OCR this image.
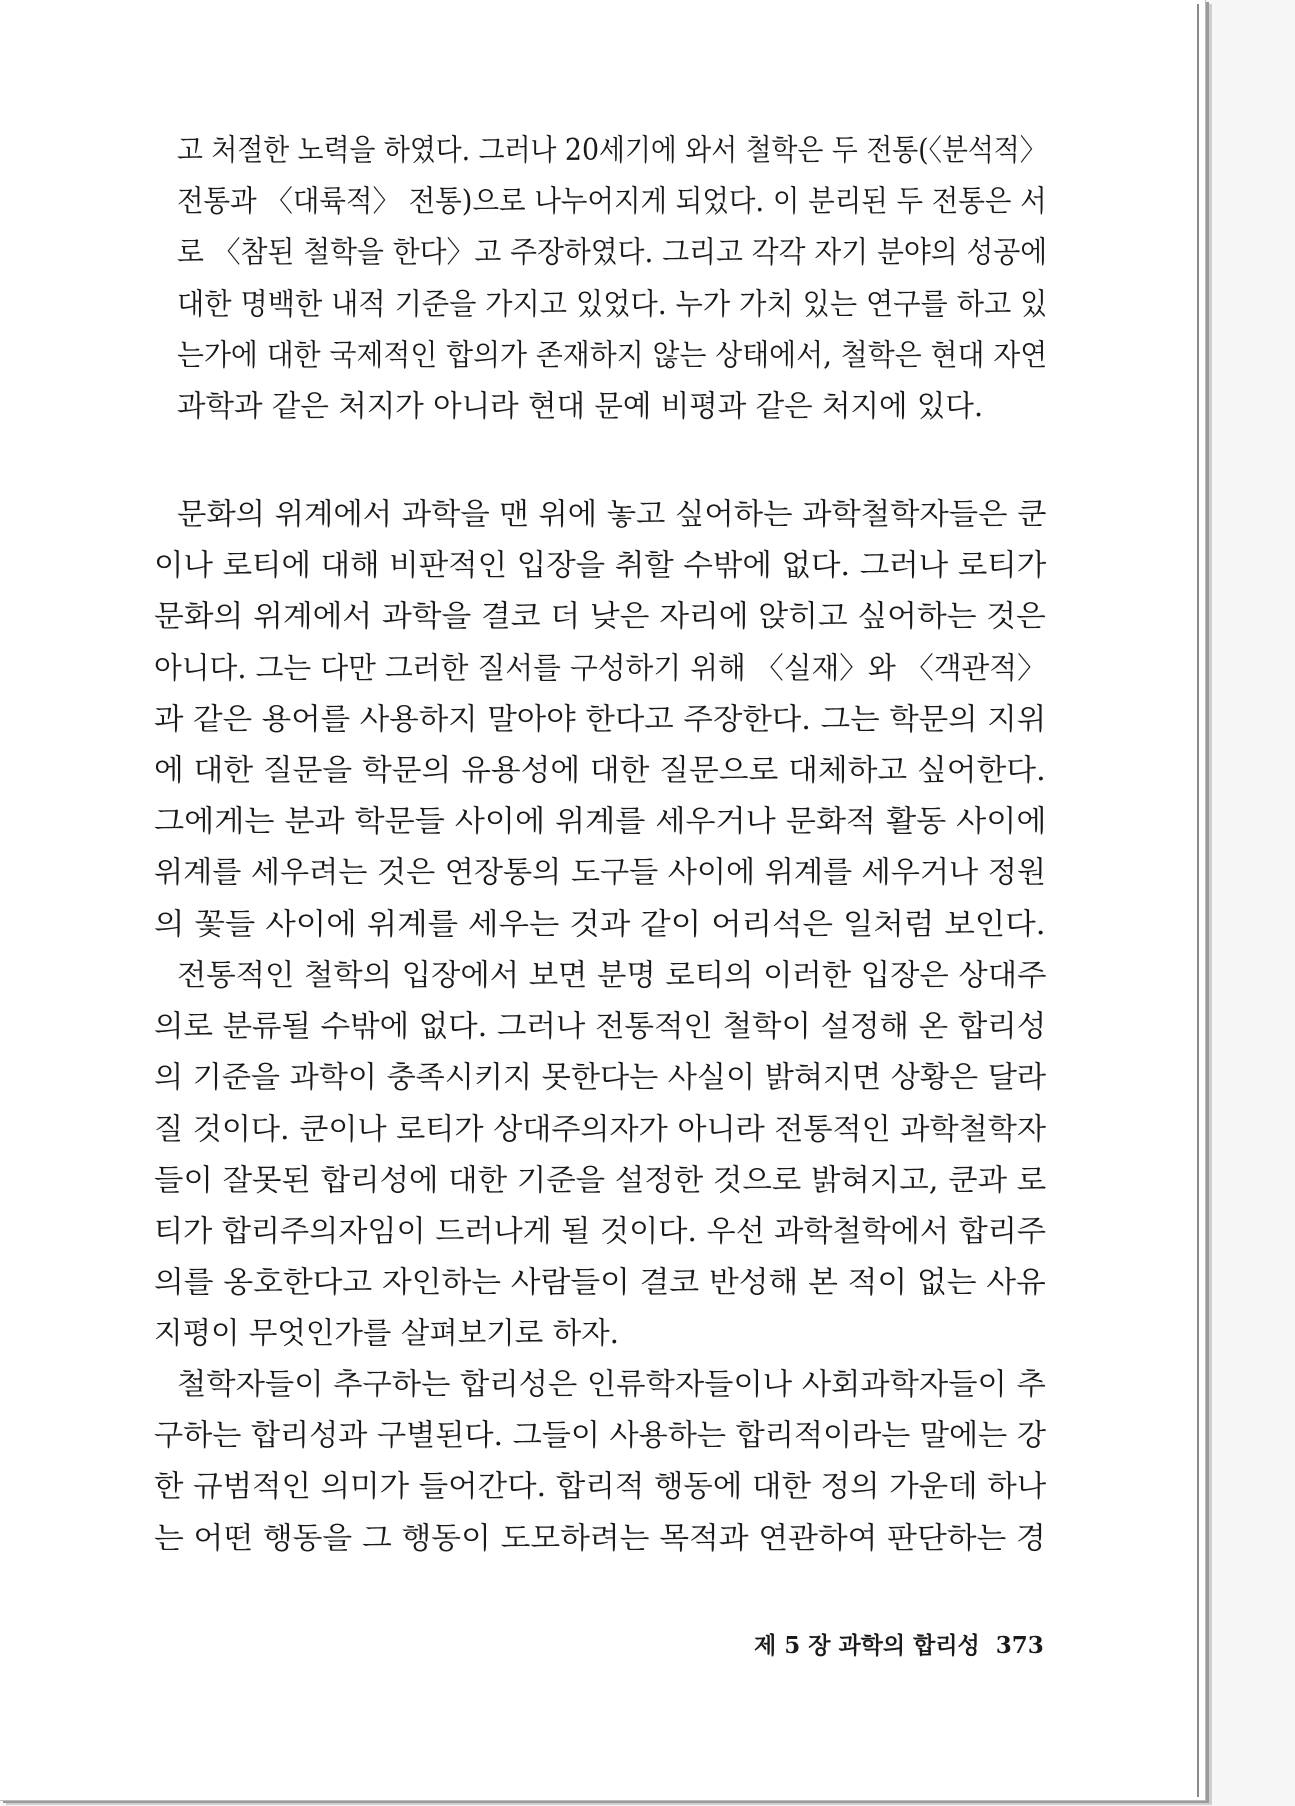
고 처절한 노력을 하였다. 그러나 20세기에 와서 철학은 두 전통(〈분석적〉
전통과 〈대륙적〉 전통)으로 나누어지게 되었다. 이 분리된 두 전통은 서
로 〈참된 철학을 한다〉고 주장하였다. 그리고 각각 자기 분야의 성공에
대한 명백한 내적 기준을 가지고 있었다. 누가 가치 있는 연구를 하고 있
는가에 대한 국제적인 합의가 존재하지 않는 상태에서, 철학은 현대 자연
과학과 같은 처지가 아니라 현대 문예 비평과 같은 처지에 있다.
문화의 위계에서 과학을 맨 위에 놓고 싶어하는 과학철학자들은 쿤
이나 로티에 대해 비판적인 입장을 취할 수밖에 없다. 그러나 로티가
문화의 위계에서 과학을 결코 더 낮은 자리에 앉히고 싶어하는 것은
아니다. 그는 다만 그러한 질서를 구성하기 위해 〈실재〉와 〈객관적〉
과 같은 용어를 사용하지 말아야 한다고 주장한다. 그는 학문의 지위
에 대한 질문을 학문의 유용성에 대한 질문으로 대체하고 싶어한다.
그에게는 분과 학문들 사이에 위계를 세우거나 문화적 활동 사이에
위계를 세우려는 것은 연장통의 도구들 사이에 위계를 세우거나 정원
의 꽃들 사이에 위계를 세우는 것과 같이 어리석은 일처럼 보인다.
전통적인 철학의 입장에서 보면 분명 로티의 이러한 입장은 상대주
의로 분류될 수밖에 없다. 그러나 전통적인 철학이 설정해 온 합리성
의 기준을 과학이 충족시키지 못한다는 사실이 밝혀지면 상황은 달라
질 것이다. 쿤이나 로티가 상대주의자가 아니라 전통적인 과학철학자
들이 잘못된 합리성에 대한 기준을 설정한 것으로 밝혀지고, 쿤과 로
티가 합리주의자임이 드러나게 될 것이다. 우선 과학철학에서 합리주
의를 옹호한다고 자인하는 사람들이 결코 반성해 본 적이 없는 사유
지평이 무엇인가를 살펴보기로 하자.
철학자들이 추구하는 합리성은 인류학자들이나 사회과학자들이 추
구하는 합리성과 구별된다. 그들이 사용하는 합리적이라는 말에는 강
한 규범적인 의미가 들어간다. 합리적 행동에 대한 정의 가운데 하나
는 어떤 행동을 그 행동이 도모하려는 목적과 연관하여 판단하는 경
제 5 장 과학의 합리성 373
